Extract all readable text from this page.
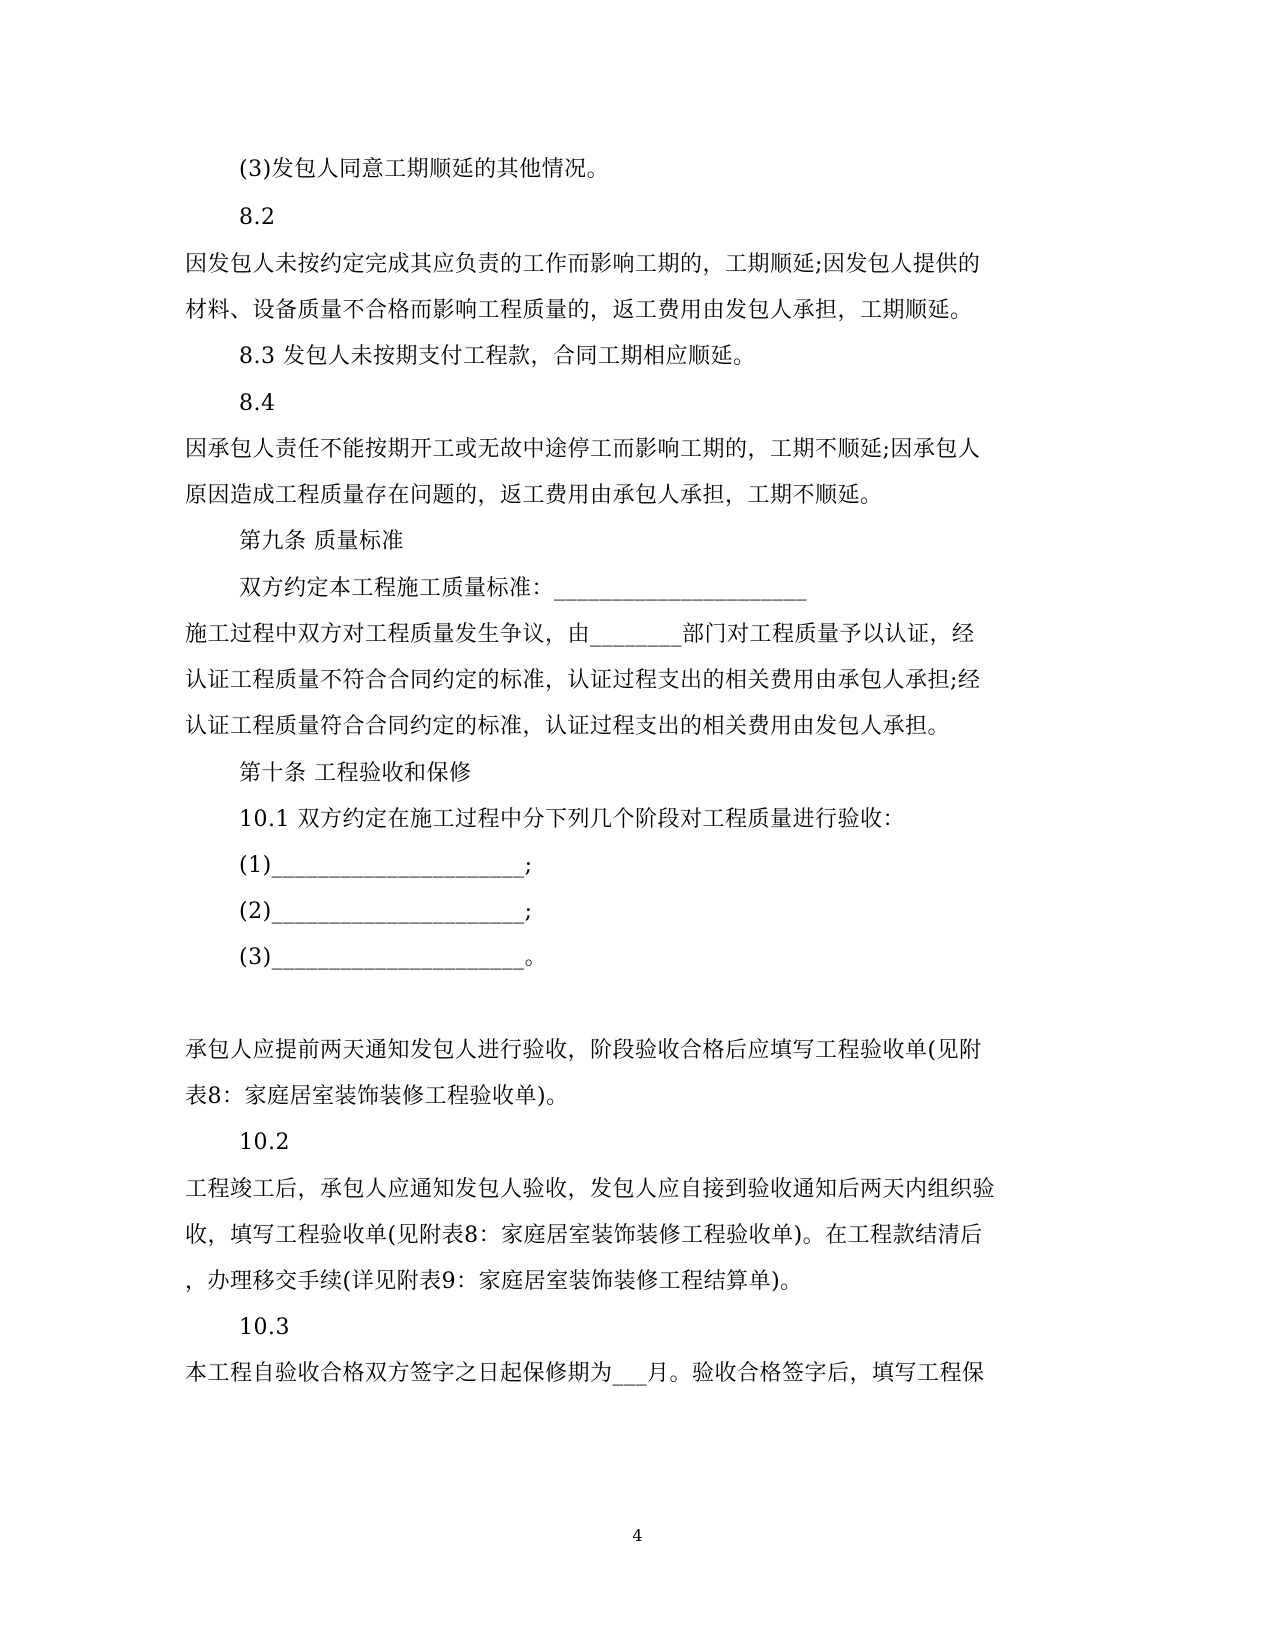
(3)发包人同意工期顺延的其他情况。
8.2
因发包人未按约定完成其应负责的工作而影响工期的，工期顺延;因发包人提供的
材料、设备质量不合格而影响工程质量的，返工费用由发包人承担，工期顺延。
8.3 发包人未按期支付工程款，合同工期相应顺延。
8.4
因承包人责任不能按期开工或无故中途停工而影响工期的，工期不顺延;因承包人
原因造成工程质量存在问题的，返工费用由承包人承担，工期不顺延。
第九条 质量标准
双方约定本工程施工质量标准：______________________
施工过程中双方对工程质量发生争议，由________部门对工程质量予以认证，经
认证工程质量不符合合同约定的标准，认证过程支出的相关费用由承包人承担;经
认证工程质量符合合同约定的标准，认证过程支出的相关费用由发包人承担。
第十条 工程验收和保修
10.1 双方约定在施工过程中分下列几个阶段对工程质量进行验收：
(1)______________________;
(2)______________________;
(3)______________________。
承包人应提前两天通知发包人进行验收，阶段验收合格后应填写工程验收单(见附
表8：家庭居室装饰装修工程验收单)。
10.2
工程竣工后，承包人应通知发包人验收，发包人应自接到验收通知后两天内组织验
收，填写工程验收单(见附表8：家庭居室装饰装修工程验收单)。在工程款结清后
，办理移交手续(详见附表9：家庭居室装饰装修工程结算单)。
10.3
本工程自验收合格双方签字之日起保修期为___月。验收合格签字后，填写工程保
4
